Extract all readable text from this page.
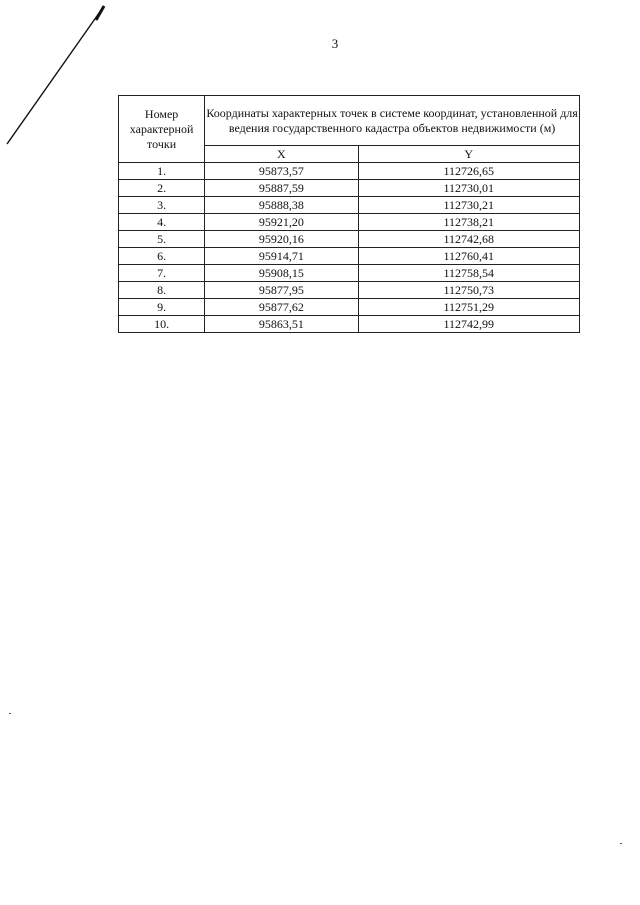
3
Номер характерной точки	Координаты характерных точек в системе координат, установленной для ведения государственного кадастра объектов недвижимости (м)	
	X	Y
1.	95873,57	112726,65
2.	95887,59	112730,01
3.	95888,38	112730,21
4.	95921,20	112738,21
5.	95920,16	112742,68
6.	95914,71	112760,41
7.	95908,15	112758,54
8.	95877,95	112750,73
9.	95877,62	112751,29
10.	95863,51	112742,99
